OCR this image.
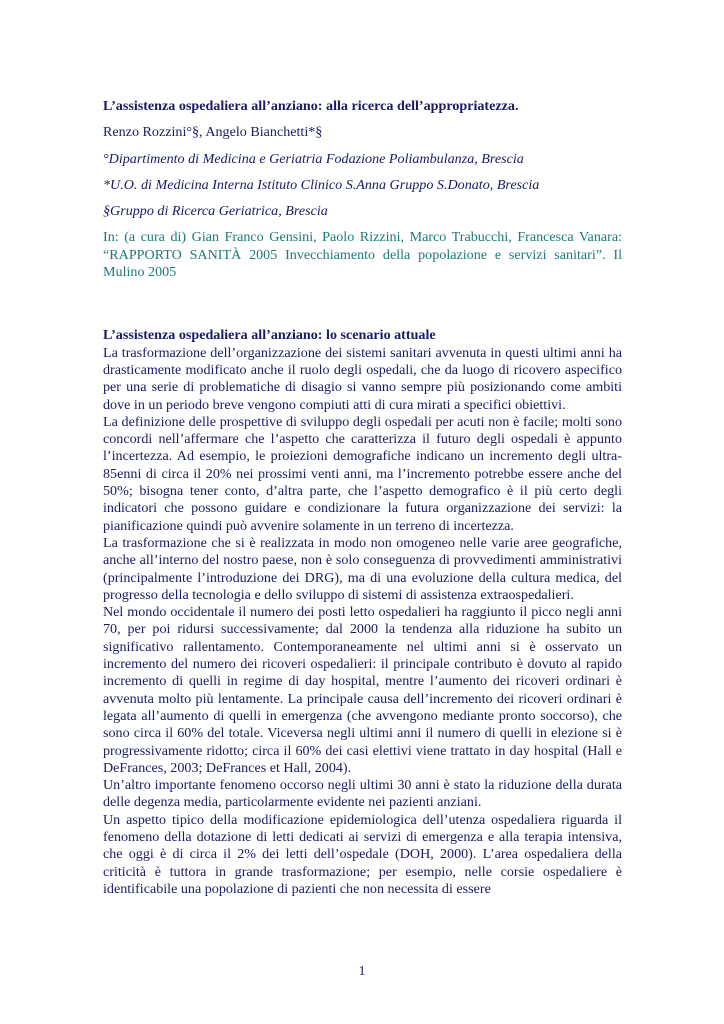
L’assistenza ospedaliera all’anziano: alla ricerca dell’appropriatezza.
Renzo Rozzini°§, Angelo Bianchetti*§
°Dipartimento di Medicina e Geriatria Fodazione Poliambulanza, Brescia
*U.O. di Medicina Interna Istituto Clinico S.Anna Gruppo S.Donato, Brescia
§Gruppo di Ricerca Geriatrica, Brescia
In: (a cura di) Gian Franco Gensini, Paolo Rizzini, Marco Trabucchi, Francesca Vanara: “RAPPORTO SANITÀ 2005 Invecchiamento della popolazione e servizi sanitari”. Il Mulino 2005
L’assistenza ospedaliera all’anziano: lo scenario attuale
La trasformazione dell’organizzazione dei sistemi sanitari avvenuta in questi ultimi anni ha drasticamente modificato anche il ruolo degli ospedali, che da luogo di ricovero aspecifico per una serie di problematiche di disagio si vanno sempre più posizionando come ambiti dove in un periodo breve vengono compiuti atti di cura mirati a specifici obiettivi.
La definizione delle prospettive di sviluppo degli ospedali per acuti non è facile; molti sono concordi nell’affermare che l’aspetto che caratterizza il futuro degli ospedali è appunto l’incertezza. Ad esempio, le proiezioni demografiche indicano un incremento degli ultra-85enni di circa il 20% nei prossimi venti anni, ma l’incremento potrebbe essere anche del 50%; bisogna tener conto, d’altra parte, che l’aspetto demografico è il più certo degli indicatori che possono guidare e condizionare la futura organizzazione dei servizi: la pianificazione quindi può avvenire solamente in un terreno di incertezza.
La trasformazione che si è realizzata in modo non omogeneo nelle varie aree geografiche, anche all’interno del nostro paese, non è solo conseguenza di provvedimenti amministrativi (principalmente l’introduzione dei DRG), ma di una evoluzione della cultura medica, del progresso della tecnologia e dello sviluppo di sistemi di assistenza extraospedalieri.
Nel mondo occidentale il numero dei posti letto ospedalieri ha raggiunto il picco negli anni 70, per poi ridursi successivamente; dal 2000 la tendenza alla riduzione ha subito un significativo rallentamento. Contemporaneamente nel ultimi anni si è osservato un incremento del numero dei ricoveri ospedalieri: il principale contributo è dovuto al rapido incremento di quelli in regime di day hospital, mentre l’aumento dei ricoveri ordinari è avvenuta molto più lentamente. La principale causa dell’incremento dei ricoveri ordinari è legata all’aumento di quelli in emergenza (che avvengono mediante pronto soccorso), che sono circa il 60% del totale. Viceversa negli ultimi anni il numero di quelli in elezione si è progressivamente ridotto; circa il 60% dei casi elettivi viene trattato in day hospital (Hall e DeFrances, 2003; DeFrances et Hall, 2004).
Un’altro importante fenomeno occorso negli ultimi 30 anni è stato la riduzione della durata delle degenza media, particolarmente evidente nei pazienti anziani.
Un aspetto tipico della modificazione epidemiologica dell’utenza ospedaliera riguarda il fenomeno della dotazione di letti dedicati ai servizi di emergenza e alla terapia intensiva, che oggi è di circa il 2% dei letti dell’ospedale (DOH, 2000). L’area ospedaliera della criticità è tuttora in grande trasformazione; per esempio, nelle corsie ospedaliere è identificabile una popolazione di pazienti che non necessita di essere
1
